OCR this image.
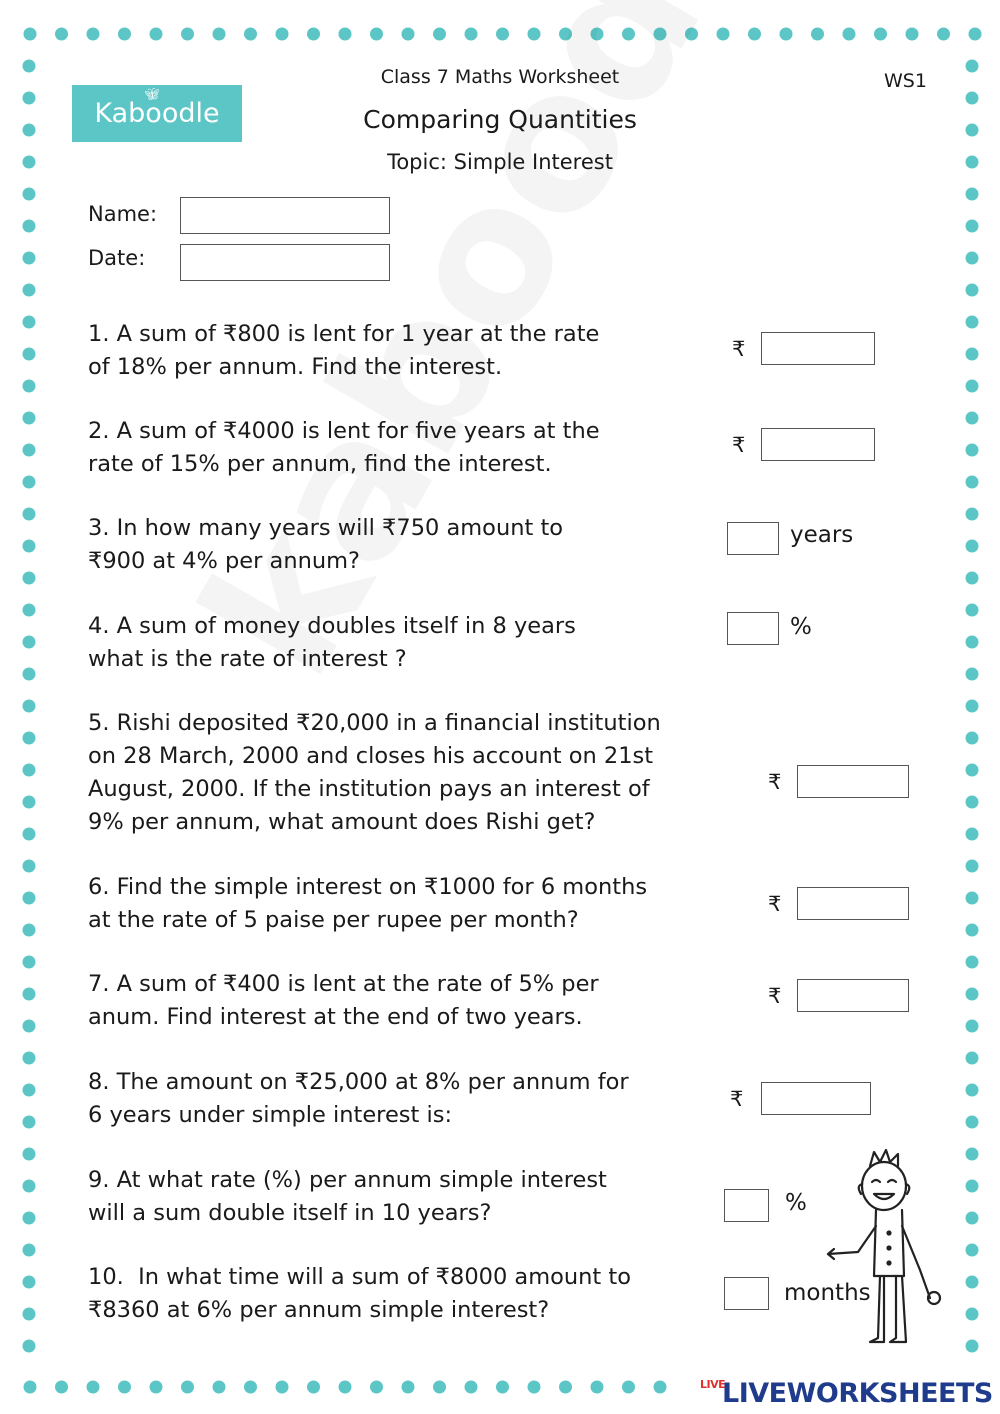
🦋︎
Kaboodle
Class 7 Maths Worksheet
Comparing Quantities
Topic: Simple Interest
WS1
Name:
Date:
1. A sum of ₹800 is lent for 1 year at the rate
of 18% per annum. Find the interest.
₹
2. A sum of ₹4000 is lent for five years at the
rate of 15% per annum, find the interest.
₹
3. In how many years will ₹750 amount to
₹900 at 4% per annum?
years
4. A sum of money doubles itself in 8 years
what is the rate of interest ?
%
5. Rishi deposited ₹20,000 in a financial institution
on 28 March, 2000 and closes his account on 21st
August, 2000. If the institution pays an interest of
9% per annum, what amount does Rishi get?
₹
6. Find the simple interest on ₹1000 for 6 months
at the rate of 5 paise per rupee per month?
₹
7. A sum of ₹400 is lent at the rate of 5% per
anum. Find interest at the end of two years.
₹
8. The amount on ₹25,000 at 8% per annum for
6 years under simple interest is:
₹
9. At what rate (%) per annum simple interest
will a sum double itself in 10 years?	%
10.  In what time will a sum of ₹8000 amount to
₹8360 at 6% per annum simple interest?
months
LIVE
LIVEWORKSHEETS
